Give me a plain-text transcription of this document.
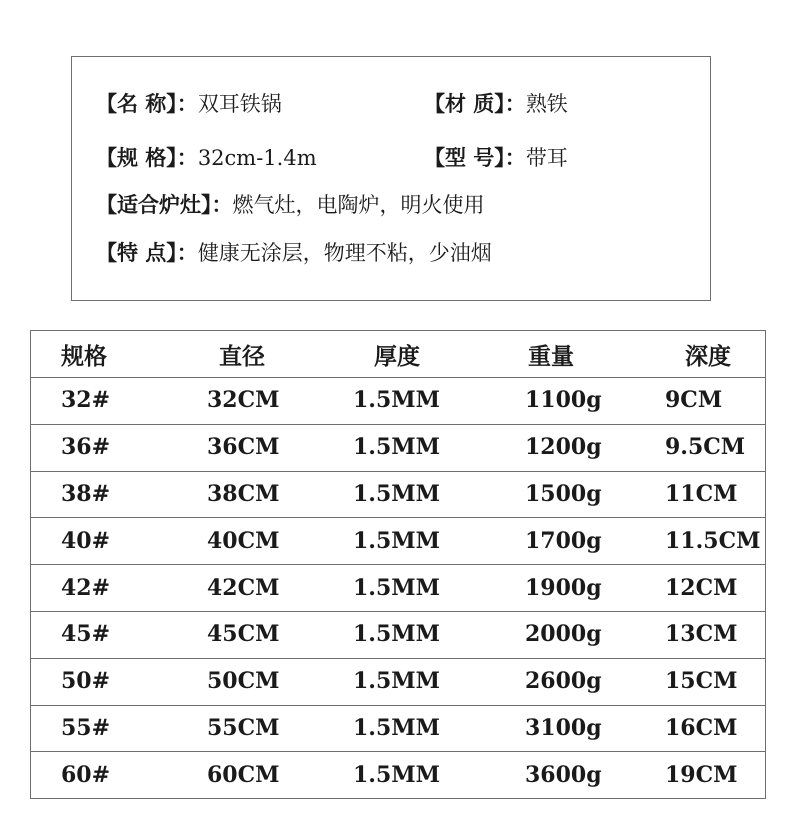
【名 称】：双耳铁锅	【材 质】：熟铁
【规 格】：32cm-1.4m	【型 号】：带耳
【适合炉灶】：燃气灶，电陶炉，明火使用
【特 点】：健康无涂层，物理不粘，少油烟
规格	直径	厚度	重量	深度
32#	32CM	1.5MM	1100g	9CM
36#	36CM	1.5MM	1200g	9.5CM
38#	38CM	1.5MM	1500g	11CM
40#	40CM	1.5MM	1700g	11.5CM
42#	42CM	1.5MM	1900g	12CM
45#	45CM	1.5MM	2000g	13CM
50#	50CM	1.5MM	2600g	15CM
55#	55CM	1.5MM	3100g	16CM
60#	60CM	1.5MM	3600g	19CM
